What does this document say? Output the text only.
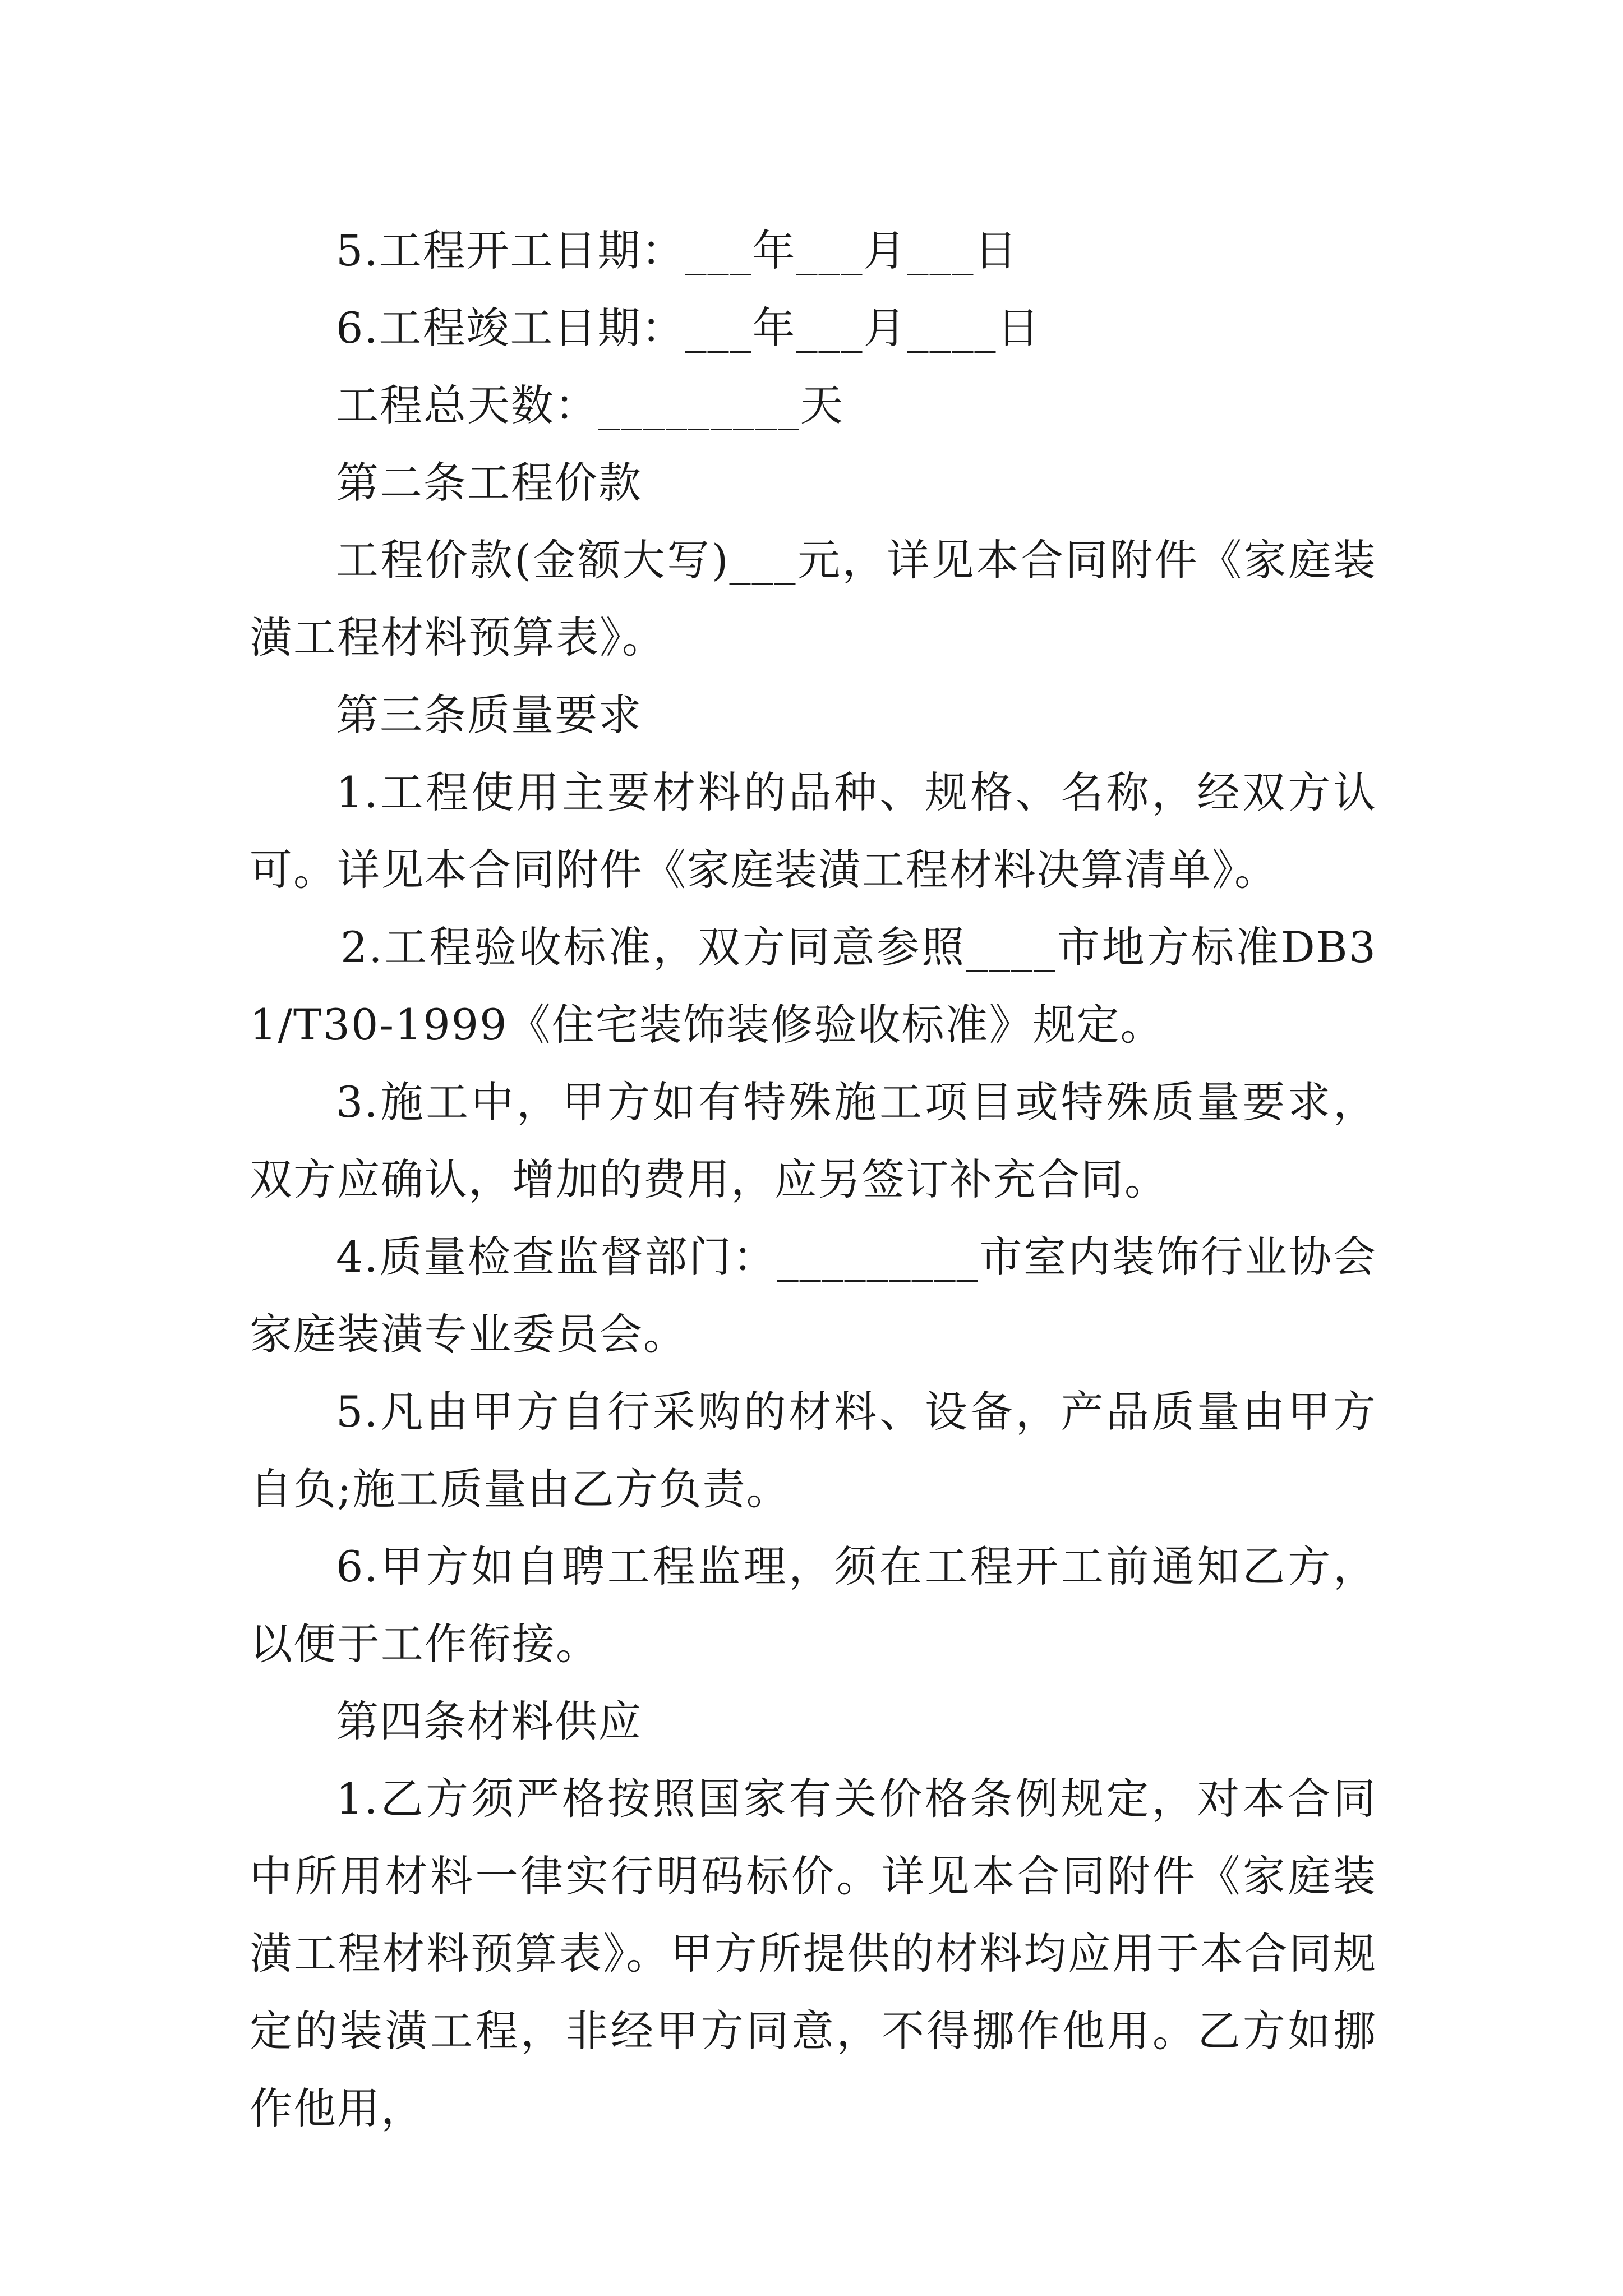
5.工程开工日期：___年___月___日

6.工程竣工日期：___年___月____日

工程总天数：_________天

第二条工程价款

工程价款(金额大写)___元，详见本合同附件《家庭装潢工程材料预算表》。

第三条质量要求

1.工程使用主要材料的品种、规格、名称，经双方认可。详见本合同附件《家庭装潢工程材料决算清单》。

2.工程验收标准，双方同意参照____市地方标准DB31/T30-1999《住宅装饰装修验收标准》规定。

3.施工中，甲方如有特殊施工项目或特殊质量要求，双方应确认，增加的费用，应另签订补充合同。

4.质量检查监督部门：_________市室内装饰行业协会家庭装潢专业委员会。

5.凡由甲方自行采购的材料、设备，产品质量由甲方自负;施工质量由乙方负责。

6.甲方如自聘工程监理，须在工程开工前通知乙方，以便于工作衔接。

第四条材料供应

1.乙方须严格按照国家有关价格条例规定，对本合同中所用材料一律实行明码标价。详见本合同附件《家庭装潢工程材料预算表》。甲方所提供的材料均应用于本合同规定的装潢工程，非经甲方同意，不得挪作他用。乙方如挪作他用，
